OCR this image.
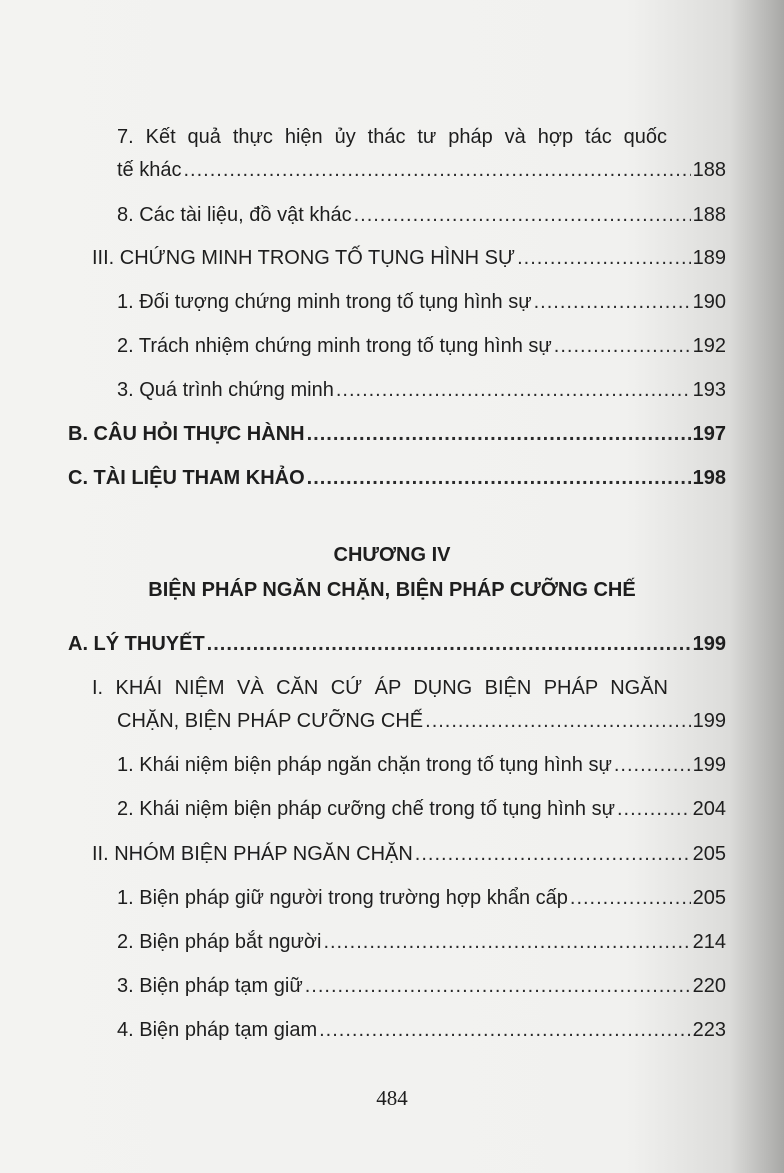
7. Kết quả thực hiện ủy thác tư pháp và hợp tác quốc
tế khác .....	188
8. Các tài liệu, đồ vật khác .....	188
III. CHỨNG MINH TRONG TỐ TỤNG HÌNH SỰ .....	189
1. Đối tượng chứng minh trong tố tụng hình sự .....	190
2. Trách nhiệm chứng minh trong tố tụng hình sự .....	192
3. Quá trình chứng minh .....	193
B. CÂU HỎI THỰC HÀNH .....	197
C. TÀI LIỆU THAM KHẢO .....	198
CHƯƠNG IV
BIỆN PHÁP NGĂN CHẶN, BIỆN PHÁP CƯỠNG CHẾ
A. LÝ THUYẾT .....	199
I. KHÁI NIỆM VÀ CĂN CỨ ÁP DỤNG BIỆN PHÁP NGĂN
CHẶN, BIỆN PHÁP CƯỠNG CHẾ .....	199
1. Khái niệm biện pháp ngăn chặn trong tố tụng hình sự .....	199
2. Khái niệm biện pháp cưỡng chế trong tố tụng hình sự .....	204
II. NHÓM BIỆN PHÁP NGĂN CHẶN .....	205
1. Biện pháp giữ người trong trường hợp khẩn cấp .....	205
2. Biện pháp bắt người .....	214
3. Biện pháp tạm giữ .....	220
4. Biện pháp tạm giam .....	223
484
